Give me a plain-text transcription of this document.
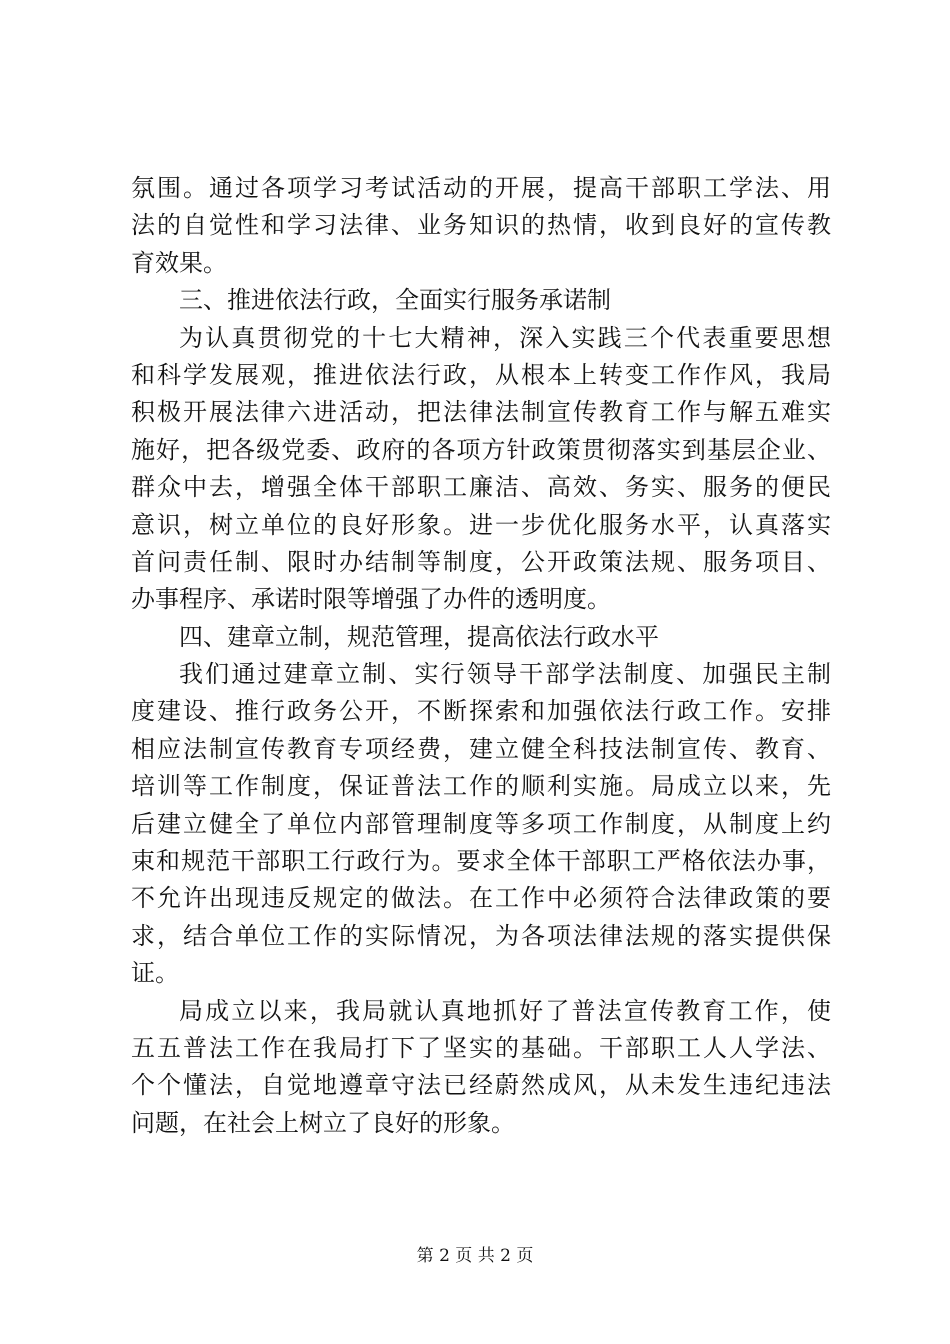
氛围。通过各项学习考试活动的开展，提高干部职工学法、用
法的自觉性和学习法律、业务知识的热情，收到良好的宣传教
育效果。
三、推进依法行政，全面实行服务承诺制
为认真贯彻党的十七大精神，深入实践三个代表重要思想
和科学发展观，推进依法行政，从根本上转变工作作风，我局
积极开展法律六进活动，把法律法制宣传教育工作与解五难实
施好，把各级党委、政府的各项方针政策贯彻落实到基层企业、
群众中去，增强全体干部职工廉洁、高效、务实、服务的便民
意识，树立单位的良好形象。进一步优化服务水平，认真落实
首问责任制、限时办结制等制度，公开政策法规、服务项目、
办事程序、承诺时限等增强了办件的透明度。
四、建章立制，规范管理，提高依法行政水平
我们通过建章立制、实行领导干部学法制度、加强民主制
度建设、推行政务公开，不断探索和加强依法行政工作。安排
相应法制宣传教育专项经费，建立健全科技法制宣传、教育、
培训等工作制度，保证普法工作的顺利实施。局成立以来，先
后建立健全了单位内部管理制度等多项工作制度，从制度上约
束和规范干部职工行政行为。要求全体干部职工严格依法办事，
不允许出现违反规定的做法。在工作中必须符合法律政策的要
求，结合单位工作的实际情况，为各项法律法规的落实提供保
证。
局成立以来，我局就认真地抓好了普法宣传教育工作，使
五五普法工作在我局打下了坚实的基础。干部职工人人学法、
个个懂法，自觉地遵章守法已经蔚然成风，从未发生违纪违法
问题，在社会上树立了良好的形象。
第 2 页 共 2 页
